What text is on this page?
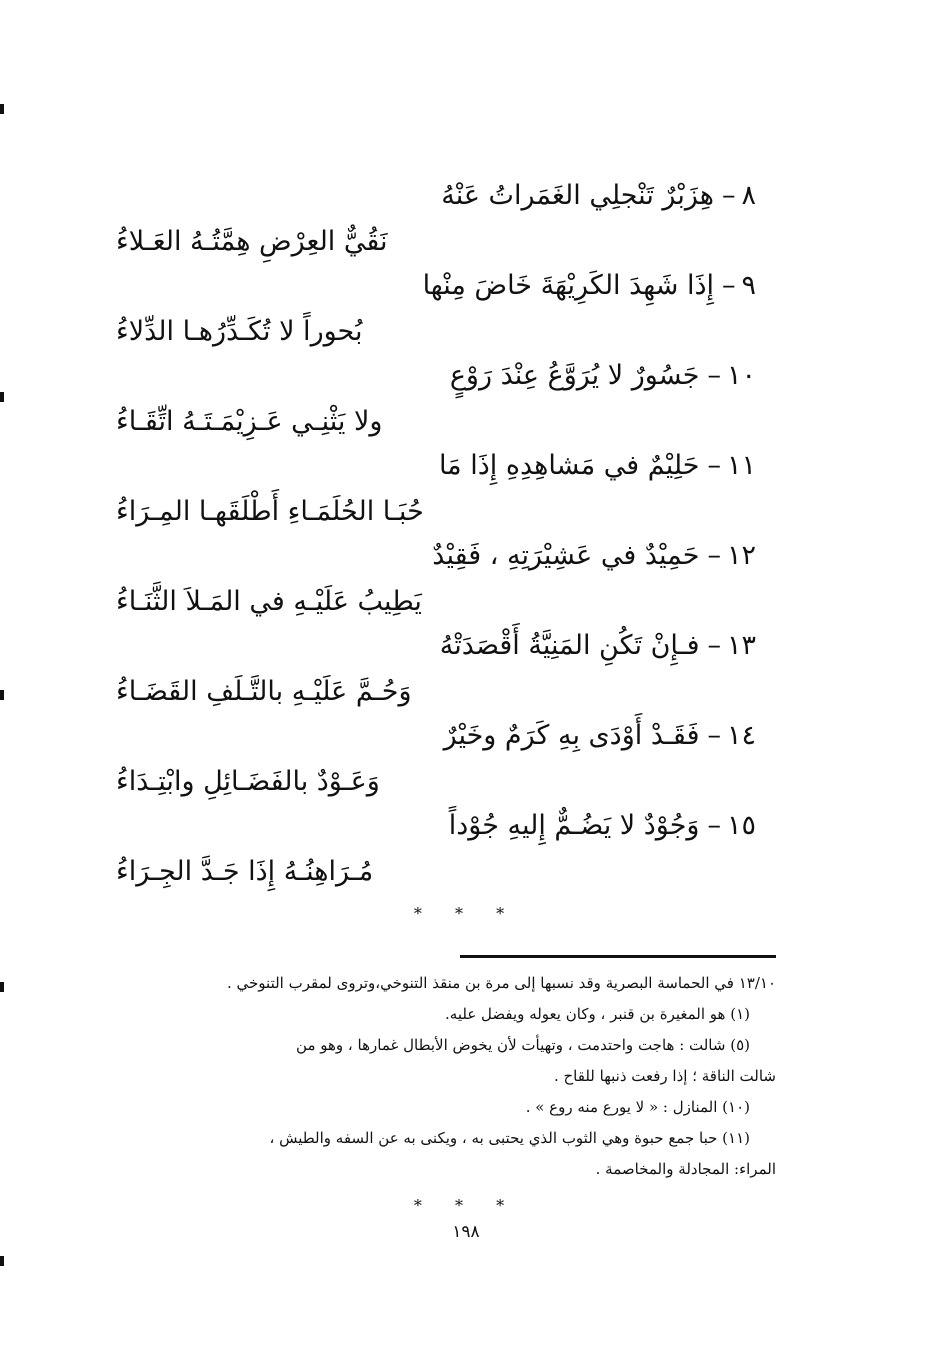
٨–هِزَبْرٌ تَنْجلِي الغَمَراتُ عَنْهُ
نَقُيٌّ العِرْضِ هِمَّتُـهُ العَـلاءُ
٩–إِذَا شَهِدَ الكَرِيْهَةَ خَاضَ مِنْها
بُحوراً لا تُكَـدِّرُهـا الدِّلاءُ
١٠–جَسُورٌ لا يُرَوَّعُ عِنْدَ رَوْعٍ
ولا يَثْنِـي عَـزِيْمَـتَـهُ اتِّقَـاءُ
١١–حَلِيْمٌ في مَشاهِدِهِ إِذَا مَا
حُبَـا الحُلَمَـاءِ أَطْلَقَهـا المِـرَاءُ
١٢–حَمِيْدٌ في عَشِيْرَتِهِ ، فَقِيْدٌ
يَطِيبُ عَلَيْـهِ في المَـلاَ الثَّنَـاءُ
١٣–فـإِنْ تَكُنِ المَنِيَّةُ أَقْصَدَتْهُ
وَحُـمَّ عَلَيْـهِ بالتَّـلَفِ القَضَـاءُ
١٤–فَقَـدْ أَوْدَى بِهِ كَرَمٌ وخَيْرٌ
وَعَـوْدٌ بالفَضَـائِلِ وابْتِـدَاءُ
١٥–وَجُوْدٌ لا يَضُـمٌّ إِليهِ جُوْداً
مُـرَاهِنُـهُ إِذَا جَـدَّ الجِـرَاءُ
* * *
١٣/١٠ في الحماسة البصرية وقد نسبها إلى مرة بن منقذ التنوخي،وتروى لمقرب التنوخي .
(١) هو المغيرة بن قنبر ، وكان يعوله ويفضل عليه.
(٥) شالت : هاجت واحتدمت ، وتهيأت لأن يخوض الأبطال غمارها ، وهو من
شالت الناقة ؛ إذا رفعت ذنبها للقاح .
(١٠) المنازل : « لا يورع منه روع » .
(١١) حبا جمع حبوة وهي الثوب الذي يحتبى به ، ويكنى به عن السفه والطيش ،
المراء: المجادلة والمخاصمة .
* * *
١٩٨
